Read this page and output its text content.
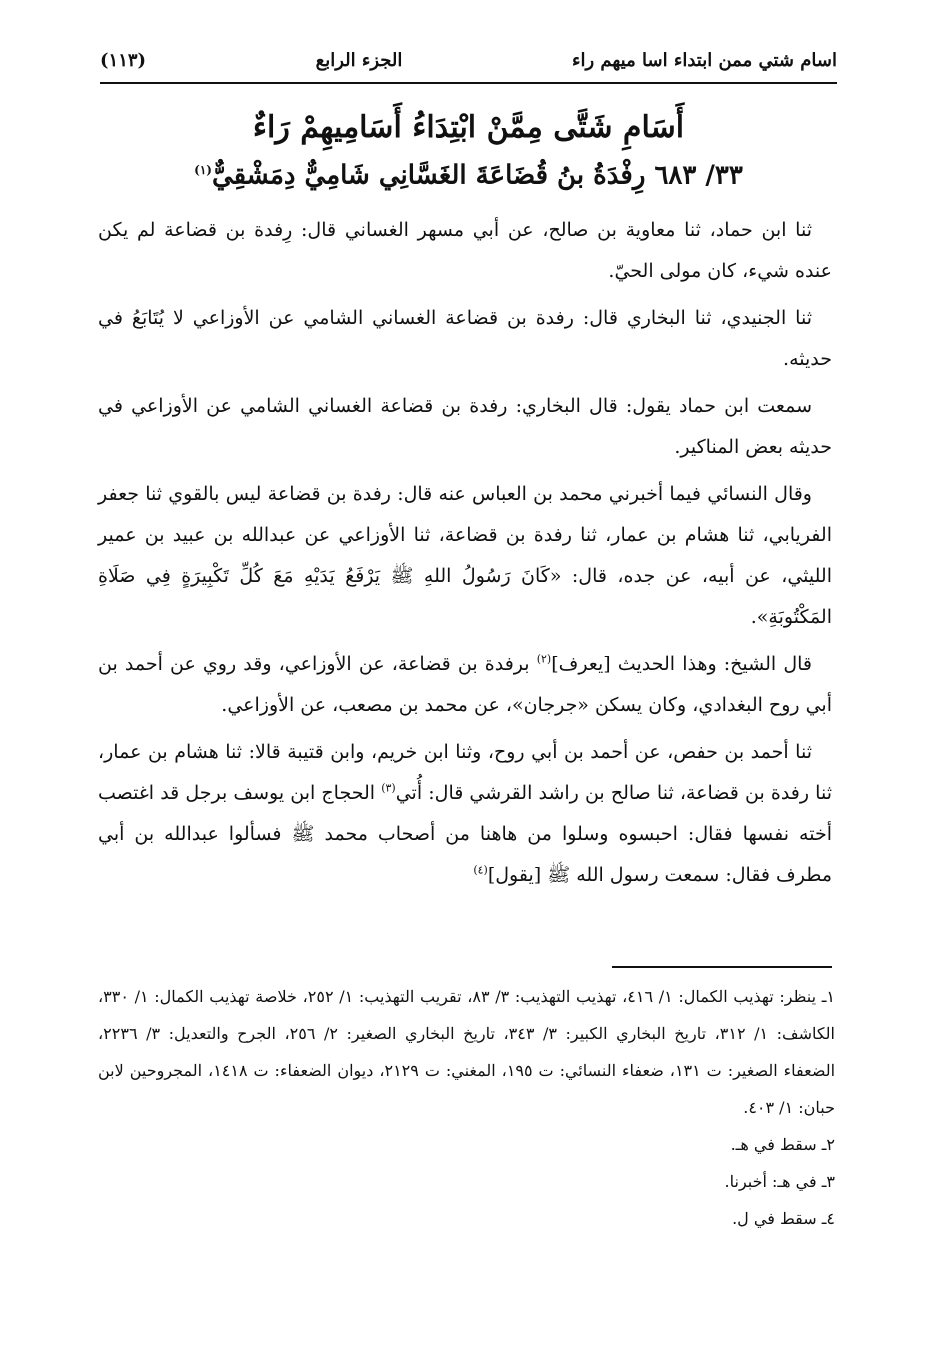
اسام شتي ممن ابتداء اسا ميهم راء
الجزء الرابع
(١١٣)
أَسَامِ شَتَّى مِمَّنْ ابْتِدَاءُ أَسَامِيهِمْ رَاءٌ
٣٣/ ٦٨٣ رِفْدَةُ بنُ قُضَاعَةَ الغَسَّانِي شَامِيٌّ دِمَشْقِيٌّ$^{(١)}$

ثنا ابن حماد، ثنا معاوية بن صالح، عن أبي مسهر الغساني قال: رِفدة بن قضاعة لم يكن عنده شيء، كان مولى الحيّ.

ثنا الجنيدي، ثنا البخاري قال: رفدة بن قضاعة الغساني الشامي عن الأوزاعي لا يُتَابَعُ في حديثه.

سمعت ابن حماد يقول: قال البخاري: رفدة بن قضاعة الغساني الشامي عن الأوزاعي في حديثه بعض المناكير.

وقال النسائي فيما أخبرني محمد بن العباس عنه قال: رفدة بن قضاعة ليس بالقوي ثنا جعفر الفريابي، ثنا هشام بن عمار، ثنا رفدة بن قضاعة، ثنا الأوزاعي عن عبدالله بن عبيد بن عمير الليثي، عن أبيه، عن جده، قال: «كَانَ رَسُولُ اللهِ ﷺ يَرْفَعُ يَدَيْهِ مَعَ كُلِّ تَكْبِيرَةٍ فِي صَلَاةِ المَكْتُوبَةِ».

قال الشيخ: وهذا الحديث [يعرف]$^{(٢)}$ برفدة بن قضاعة، عن الأوزاعي، وقد روي عن أحمد بن أبي روح البغدادي، وكان يسكن «جرجان»، عن محمد بن مصعب، عن الأوزاعي.

ثنا أحمد بن حفص، عن أحمد بن أبي روح، وثنا ابن خريم، وابن قتيبة قالا: ثنا هشام بن عمار، ثنا رفدة بن قضاعة، ثنا صالح بن راشد القرشي قال: أُتي$^{(٣)}$ الحجاج ابن يوسف برجل قد اغتصب أخته نفسها فقال: احبسوه وسلوا من هاهنا من أصحاب محمد ﷺ فسألوا عبدالله بن أبي مطرف فقال: سمعت رسول الله ﷺ [يقول]$^{(٤)}$

١ـ ينظر: تهذيب الكمال: ١/ ٤١٦، تهذيب التهذيب: ٣/ ٨٣، تقريب التهذيب: ١/ ٢٥٢، خلاصة تهذيب الكمال: ١/ ٣٣٠، الكاشف: ١/ ٣١٢، تاريخ البخاري الكبير: ٣/ ٣٤٣، تاريخ البخاري الصغير: ٢/ ٢٥٦، الجرح والتعديل: ٣/ ٢٢٣٦، الضعفاء الصغير: ت ١٣١، ضعفاء النسائي: ت ١٩٥، المغني: ت ٢١٢٩، ديوان الضعفاء: ت ١٤١٨، المجروحين لابن حبان: ١/ ٤٠٣.
٢ـ سقط في هـ.
٣ـ في هـ: أخبرنا.
٤ـ سقط في ل.
